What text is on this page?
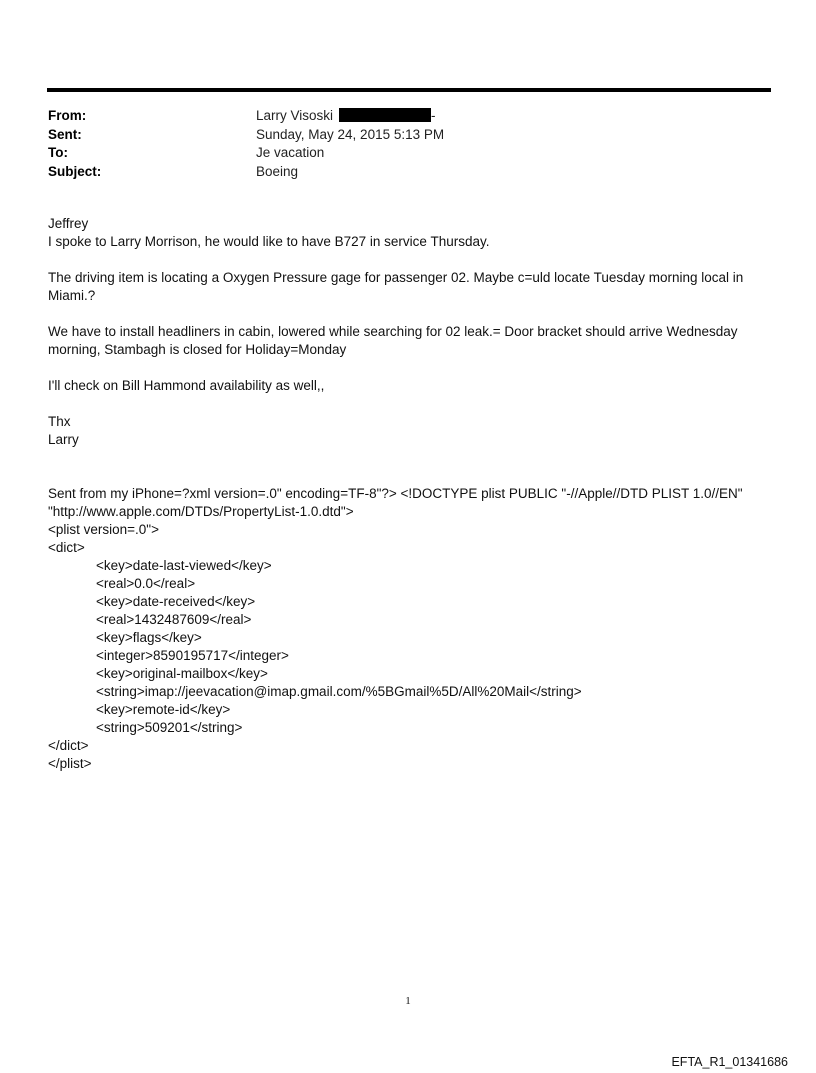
From:	Larry Visoski	-
Sent:	Sunday, May 24, 2015 5:13 PM
To:	Je vacation
Subject:	Boeing
Jeffrey
I spoke to Larry Morrison, he would like to have B727 in service Thursday.
The driving item is locating a Oxygen Pressure gage for passenger 02. Maybe c=uld locate Tuesday morning local in
Miami.?
We have to install headliners in cabin, lowered while searching for 02 leak.= Door bracket should arrive Wednesday
morning, Stambagh is closed for Holiday=Monday
I'll check on Bill Hammond availability as well,,
Thx
Larry
Sent from my iPhone=?xml version=.0" encoding=TF-8"?> <!DOCTYPE plist PUBLIC "-//Apple//DTD PLIST 1.0//EN"
"http://www.apple.com/DTDs/PropertyList-1.0.dtd">
<plist version=.0">
<dict>
<key>date-last-viewed</key>
<real>0.0</real>
<key>date-received</key>
<real>1432487609</real>
<key>flags</key>
<integer>8590195717</integer>
<key>original-mailbox</key>
<string>imap://jeevacation@imap.gmail.com/%5BGmail%5D/All%20Mail</string>
<key>remote-id</key>
<string>509201</string>
</dict>
</plist>
1
EFTA_R1_01341686
